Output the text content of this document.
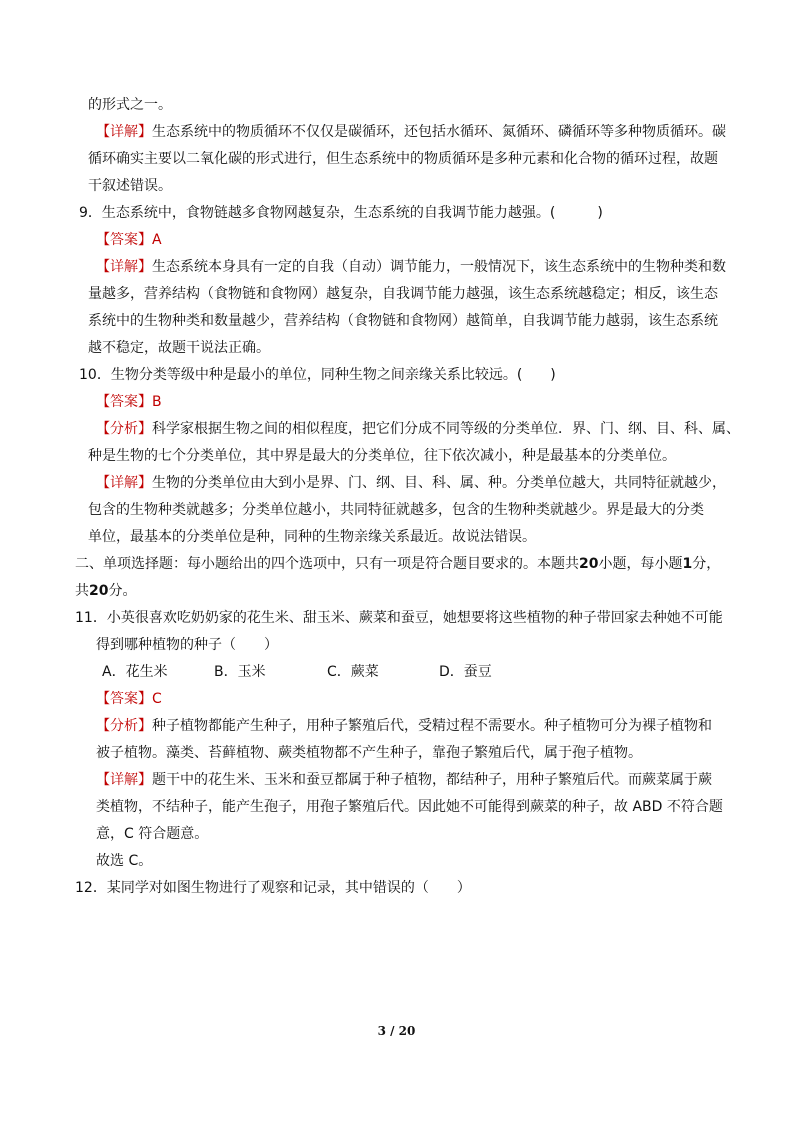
的形式之一。
【详解】生态系统中的物质循环不仅仅是碳循环，还包括水循环、氮循环、磷循环等多种物质循环。碳
循环确实主要以二氧化碳的形式进行，但生态系统中的物质循环是多种元素和化合物的循环过程，故题
干叙述错误。
9．生态系统中，食物链越多食物网越复杂，生态系统的自我调节能力越强。(　　　)
【答案】A
【详解】生态系统本身具有一定的自我（自动）调节能力，一般情况下，该生态系统中的生物种类和数
量越多，营养结构（食物链和食物网）越复杂，自我调节能力越强，该生态系统越稳定；相反，该生态
系统中的生物种类和数量越少，营养结构（食物链和食物网）越简单，自我调节能力越弱，该生态系统
越不稳定，故题干说法正确。
10．生物分类等级中种是最小的单位，同种生物之间亲缘关系比较远。(　　)
【答案】B
【分析】科学家根据生物之间的相似程度，把它们分成不同等级的分类单位．界、门、纲、目、科、属、
种是生物的七个分类单位，其中界是最大的分类单位，往下依次减小，种是最基本的分类单位。
【详解】生物的分类单位由大到小是界、门、纲、目、科、属、种。分类单位越大，共同特征就越少，
包含的生物种类就越多；分类单位越小，共同特征就越多，包含的生物种类就越少。界是最大的分类
单位，最基本的分类单位是种，同种的生物亲缘关系最近。故说法错误。
二、单项选择题：每小题给出的四个选项中，只有一项是符合题目要求的。本题共20小题，每小题1分，
共20分。
11．小英很喜欢吃奶奶家的花生米、甜玉米、蕨菜和蚕豆，她想要将这些植物的种子带回家去种她不可能
得到哪种植物的种子（　　）
A．花生米	B．玉米	C．蕨菜	D．蚕豆
【答案】C
【分析】种子植物都能产生种子，用种子繁殖后代，受精过程不需要水。种子植物可分为裸子植物和
被子植物。藻类、苔藓植物、蕨类植物都不产生种子，靠孢子繁殖后代，属于孢子植物。
【详解】题干中的花生米、玉米和蚕豆都属于种子植物，都结种子，用种子繁殖后代。而蕨菜属于蕨
类植物，不结种子，能产生孢子，用孢子繁殖后代。因此她不可能得到蕨菜的种子，故 ABD 不符合题
意，C 符合题意。
故选 C。
12．某同学对如图生物进行了观察和记录，其中错误的（　　）
3 / 20
